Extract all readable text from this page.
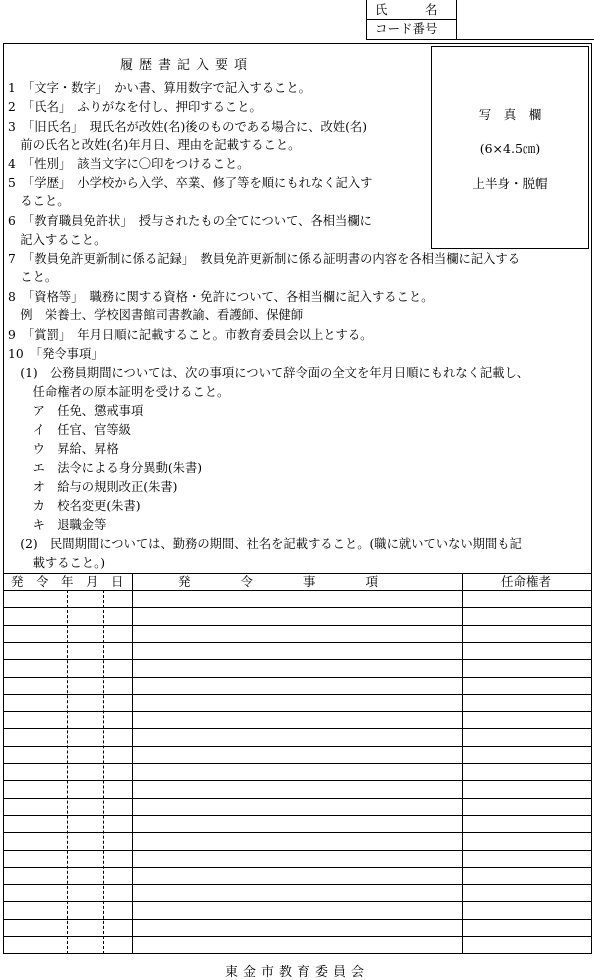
氏　　　名
コード番号
履歴書記入要項
写　真　欄
(6×4.5㎝)
上半身・脱帽
1　「文字・数字」　かい書、算用数字で記入すること。
2　「氏名」　ふりがなを付し、押印すること。
3　「旧氏名」　現氏名が改姓(名)後のものである場合に、改姓(名)
　前の氏名と改姓(名)年月日、理由を記載すること。
4　「性別」　該当文字に〇印をつけること。
5　「学歴」　小学校から入学、卒業、修了等を順にもれなく記入す
　ること。
6　「教育職員免許状」　授与されたもの全てについて、各相当欄に
　記入すること。
7　「教員免許更新制に係る記録」　教員免許更新制に係る証明書の内容を各相当欄に記入する
　こと。
8　「資格等」　職務に関する資格・免許について、各相当欄に記入すること。
　例　栄養士、学校図書館司書教諭、看護師、保健師
9　「賞罰」　年月日順に記載すること。市教育委員会以上とする。
10　「発令事項」
　(1)　公務員期間については、次の事項について辞令面の全文を年月日順にもれなく記載し、
　　任命権者の原本証明を受けること。
　　ア　任免、懲戒事項
　　イ　任官、官等級
　　ウ　昇給、昇格
　　エ　法令による身分異動(朱書)
　　オ　給与の規則改正(朱書)
　　カ　校名変更(朱書)
　　キ　退職金等
　(2)　民間期間については、勤務の期間、社名を記載すること。(職に就いていない期間も記
　　載すること。)
発　令　年　月　日	発　　　　令　　　　事　　　　項	任命権者
東金市教育委員会
